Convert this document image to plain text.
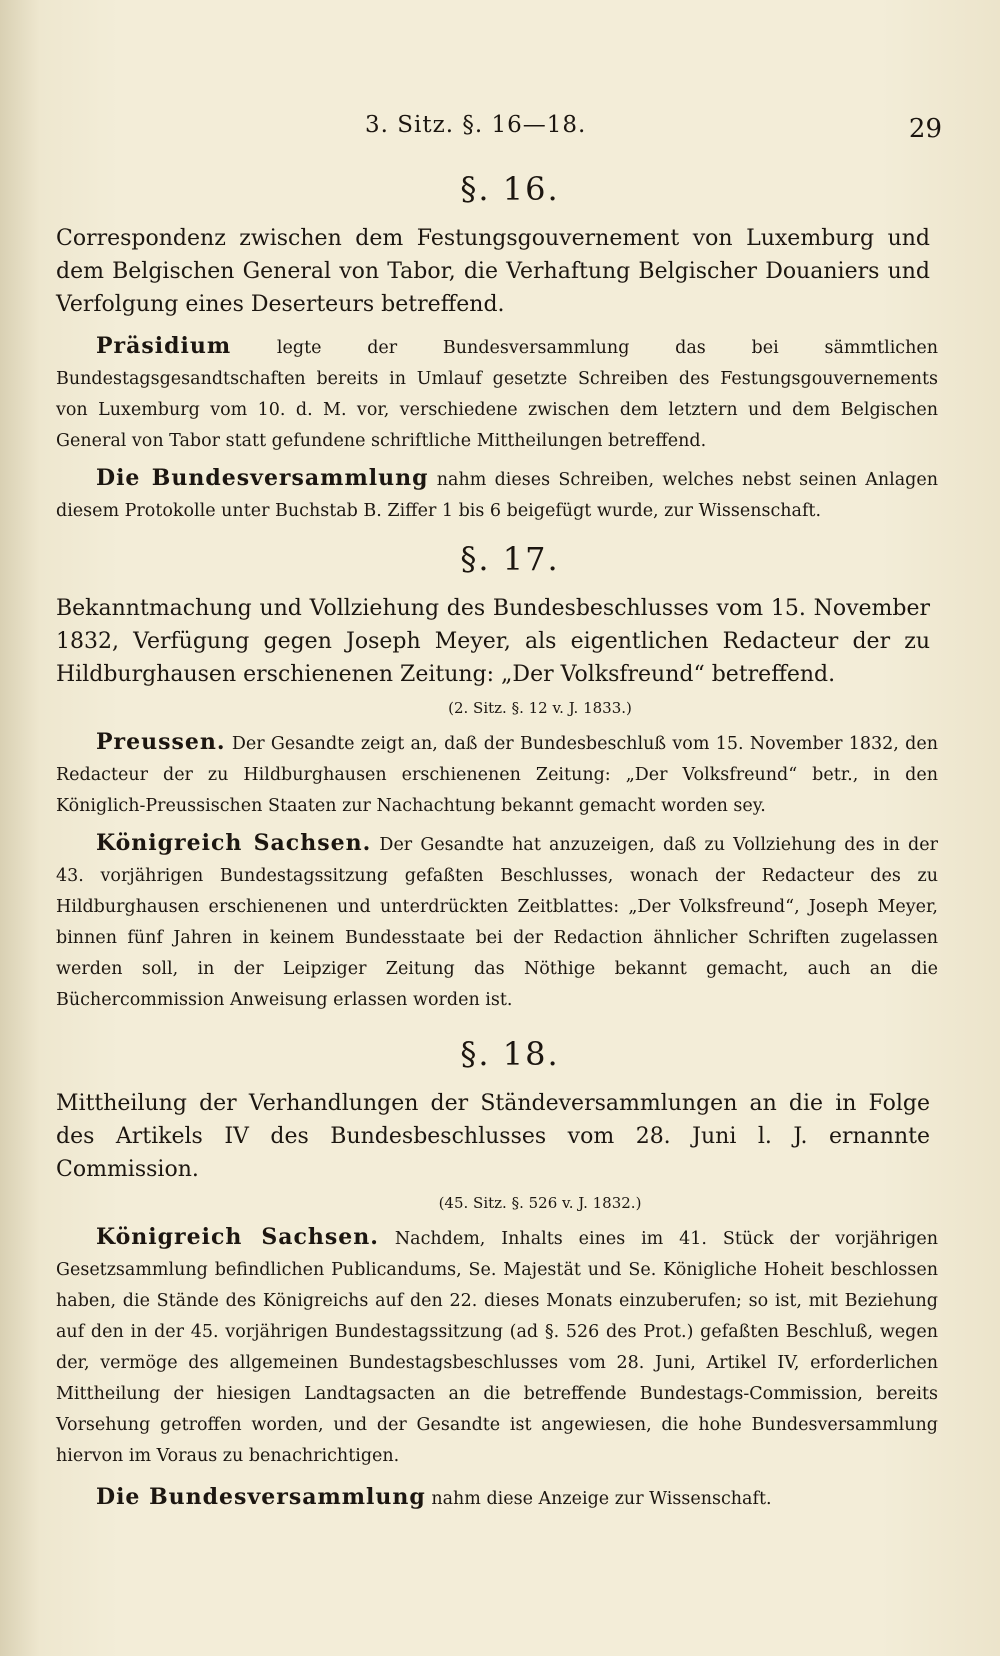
3. Sitz. §. 16—18.	29
§. 16.
Correspondenz zwischen dem Festungsgouvernement von Luxemburg und dem Belgischen General von Tabor, die Verhaftung Belgischer Douaniers und Verfolgung eines Deserteurs betreffend.

Präsidium legte der Bundesversammlung das bei sämmtlichen Bundestagsgesandtschaften bereits in Umlauf gesetzte Schreiben des Festungsgouvernements von Luxemburg vom 10. d. M. vor, verschiedene zwischen dem letztern und dem Belgischen General von Tabor statt gefundene schriftliche Mittheilungen betreffend.

Die Bundesversammlung nahm dieses Schreiben, welches nebst seinen Anlagen diesem Protokolle unter Buchstab B. Ziffer 1 bis 6 beigefügt wurde, zur Wissenschaft.

§. 17.
Bekanntmachung und Vollziehung des Bundesbeschlusses vom 15. November 1832, Verfügung gegen Joseph Meyer, als eigentlichen Redacteur der zu Hildburghausen erschienenen Zeitung: „Der Volksfreund“ betreffend.
(2. Sitz. §. 12 v. J. 1833.)

Preussen. Der Gesandte zeigt an, daß der Bundesbeschluß vom 15. November 1832, den Redacteur der zu Hildburghausen erschienenen Zeitung: „Der Volksfreund“ betr., in den Königlich-Preussischen Staaten zur Nachachtung bekannt gemacht worden sey.

Königreich Sachsen. Der Gesandte hat anzuzeigen, daß zu Vollziehung des in der 43. vorjährigen Bundestagssitzung gefaßten Beschlusses, wonach der Redacteur des zu Hildburghausen erschienenen und unterdrückten Zeitblattes: „Der Volksfreund“, Joseph Meyer, binnen fünf Jahren in keinem Bundesstaate bei der Redaction ähnlicher Schriften zugelassen werden soll, in der Leipziger Zeitung das Nöthige bekannt gemacht, auch an die Büchercommission Anweisung erlassen worden ist.

§. 18.
Mittheilung der Verhandlungen der Ständeversammlungen an die in Folge des Artikels IV des Bundesbeschlusses vom 28. Juni l. J. ernannte Commission.
(45. Sitz. §. 526 v. J. 1832.)

Königreich Sachsen. Nachdem, Inhalts eines im 41. Stück der vorjährigen Gesetzsammlung befindlichen Publicandums, Se. Majestät und Se. Königliche Hoheit beschlossen haben, die Stände des Königreichs auf den 22. dieses Monats einzuberufen; so ist, mit Beziehung auf den in der 45. vorjährigen Bundestagssitzung (ad §. 526 des Prot.) gefaßten Beschluß, wegen der, vermöge des allgemeinen Bundestagsbeschlusses vom 28. Juni, Artikel IV, erforderlichen Mittheilung der hiesigen Landtagsacten an die betreffende Bundestags-Commission, bereits Vorsehung getroffen worden, und der Gesandte ist angewiesen, die hohe Bundesversammlung hiervon im Voraus zu benachrichtigen.

Die Bundesversammlung nahm diese Anzeige zur Wissenschaft.
